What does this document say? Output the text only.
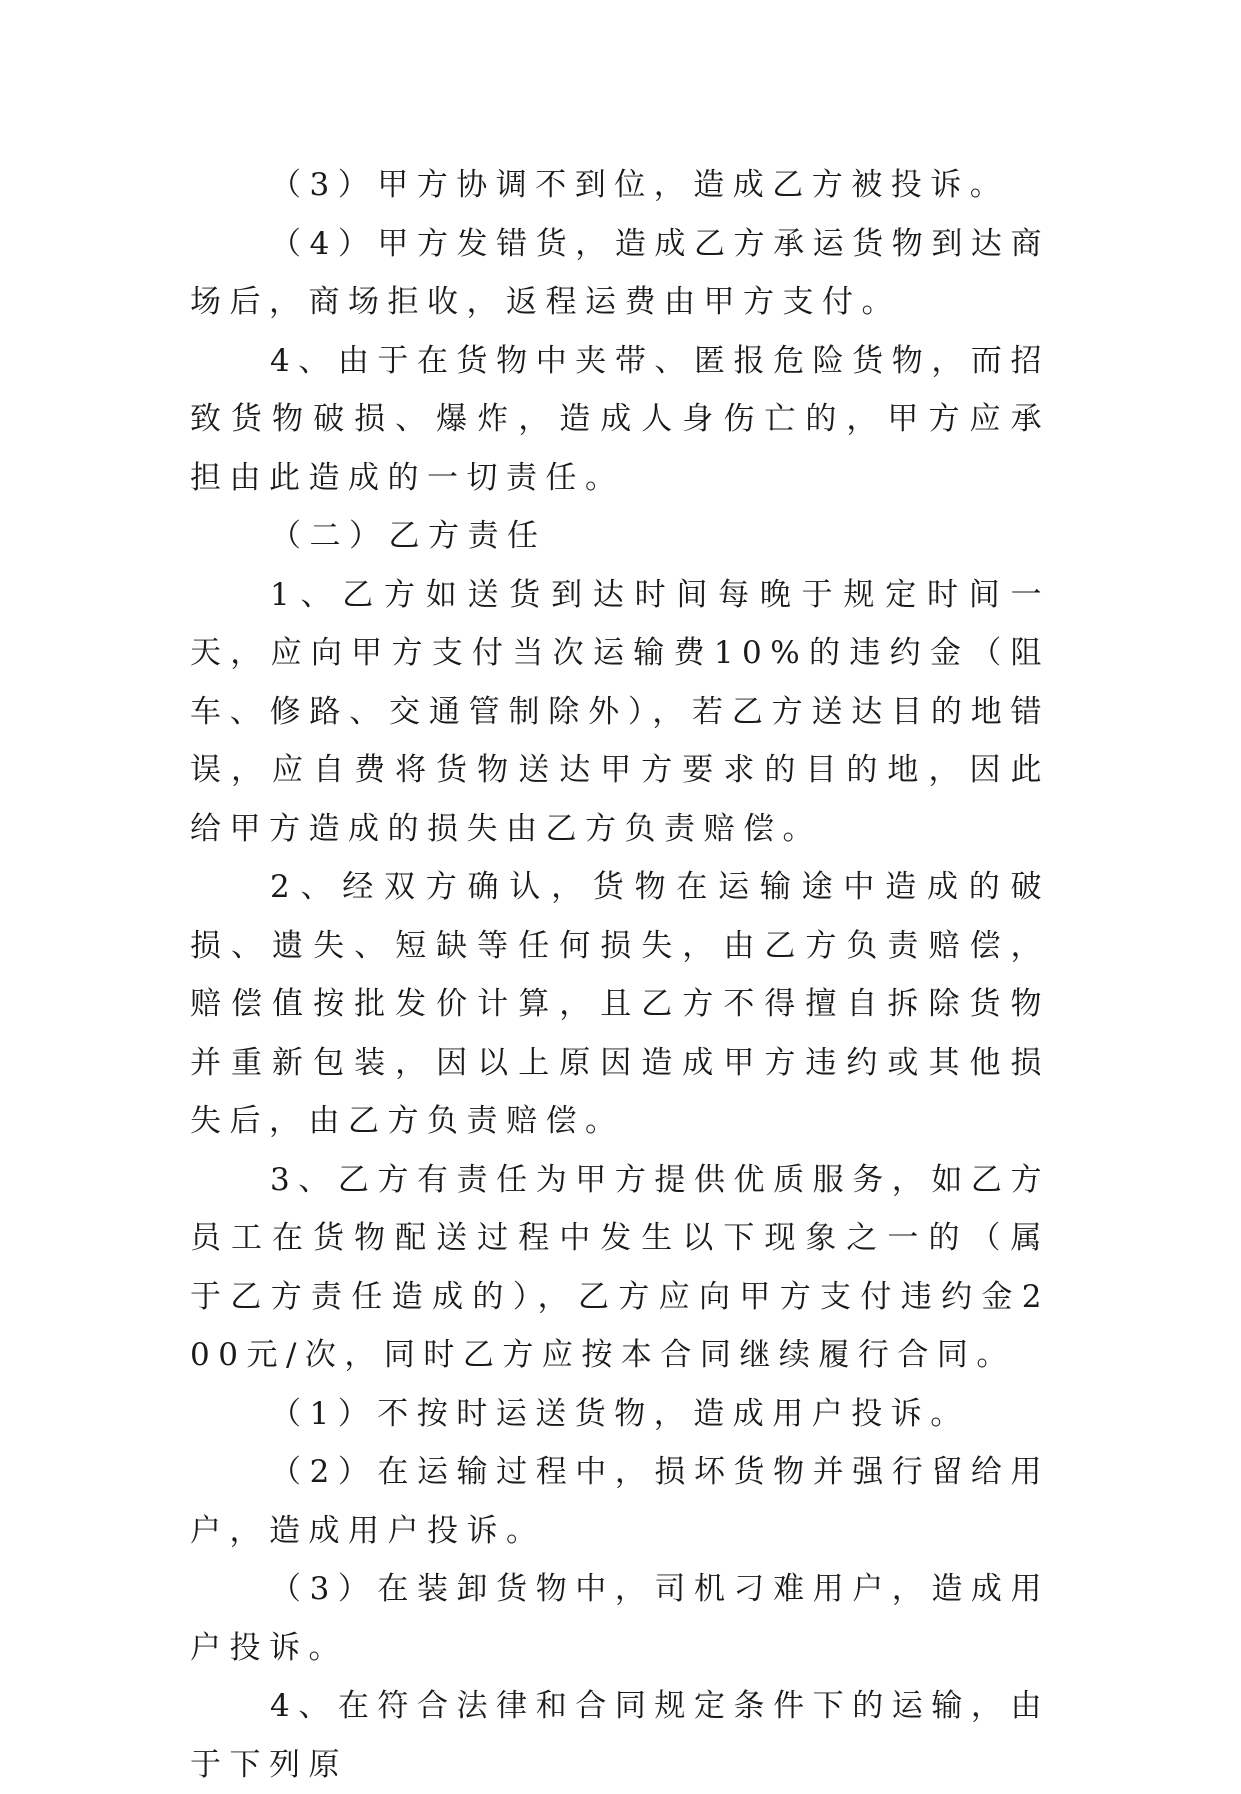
（3）甲方协调不到位，造成乙方被投诉。

（4）甲方发错货，造成乙方承运货物到达商场后，商场拒收，返程运费由甲方支付。

4、由于在货物中夹带、匿报危险货物，而招致货物破损、爆炸，造成人身伤亡的，甲方应承担由此造成的一切责任。

（二）乙方责任

1、乙方如送货到达时间每晚于规定时间一天，应向甲方支付当次运输费10%的违约金（阻车、修路、交通管制除外），若乙方送达目的地错误，应自费将货物送达甲方要求的目的地，因此给甲方造成的损失由乙方负责赔偿。

2、经双方确认，货物在运输途中造成的破损、遗失、短缺等任何损失，由乙方负责赔偿，赔偿值按批发价计算，且乙方不得擅自拆除货物并重新包装，因以上原因造成甲方违约或其他损失后，由乙方负责赔偿。

3、乙方有责任为甲方提供优质服务，如乙方员工在货物配送过程中发生以下现象之一的（属于乙方责任造成的），乙方应向甲方支付违约金200元/次，同时乙方应按本合同继续履行合同。

（1）不按时运送货物，造成用户投诉。

（2）在运输过程中，损坏货物并强行留给用户，造成用户投诉。

（3）在装卸货物中，司机刁难用户，造成用户投诉。

4、在符合法律和合同规定条件下的运输，由于下列原
